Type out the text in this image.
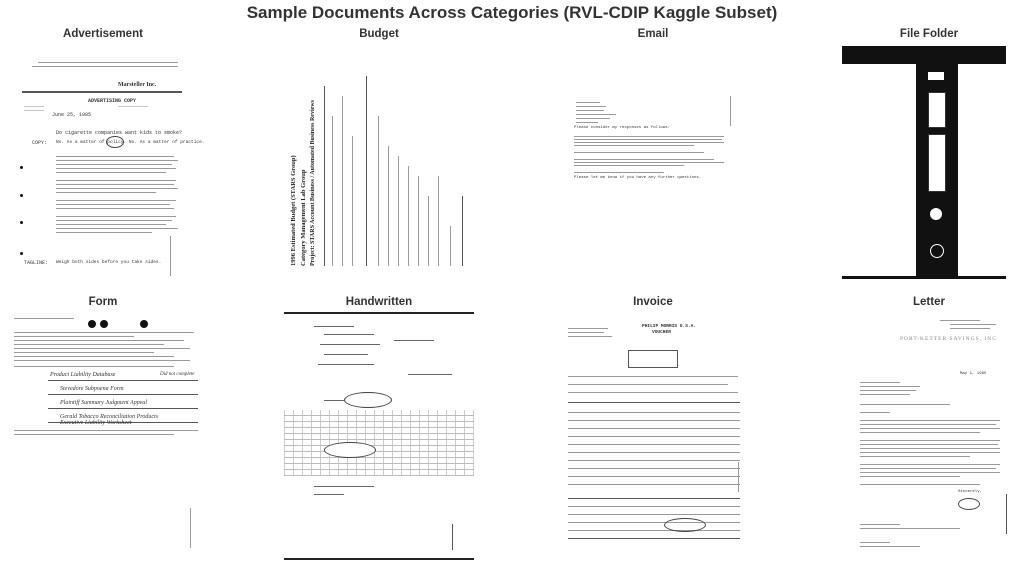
Sample Documents Across Categories (RVL-CDIP Kaggle Subset)
Advertisement
Marsteller Inc.
ADVERTISING COPY
June 25, 1985
Do cigarette companies want kids to smoke?
COPY: No. As a matter of policy. No. As a matter of practice.
TAGLINE: Weigh both sides before you take sides.
Budget
1996 Estimated Budget (STARS Group) Category Management Lab Group Project: STARS Account Business / Automated Business Reviews
Email
Please consider my responses as follows:
Please let me know if you have any further questions.
File Folder
Form
Product Liability Database	Did not complete
Stevedore Subpoena Form
Plaintiff Summary Judgment Appeal
Gerald Tobacco Reconciliation Products
Executive Liability Worksheet
Handwritten	Invoice
PHILIP MORRIS U.S.A.
VOUCHER
Letter
PORT-KETTER SAVINGS, INC
May 1, 1985
Sincerely,
